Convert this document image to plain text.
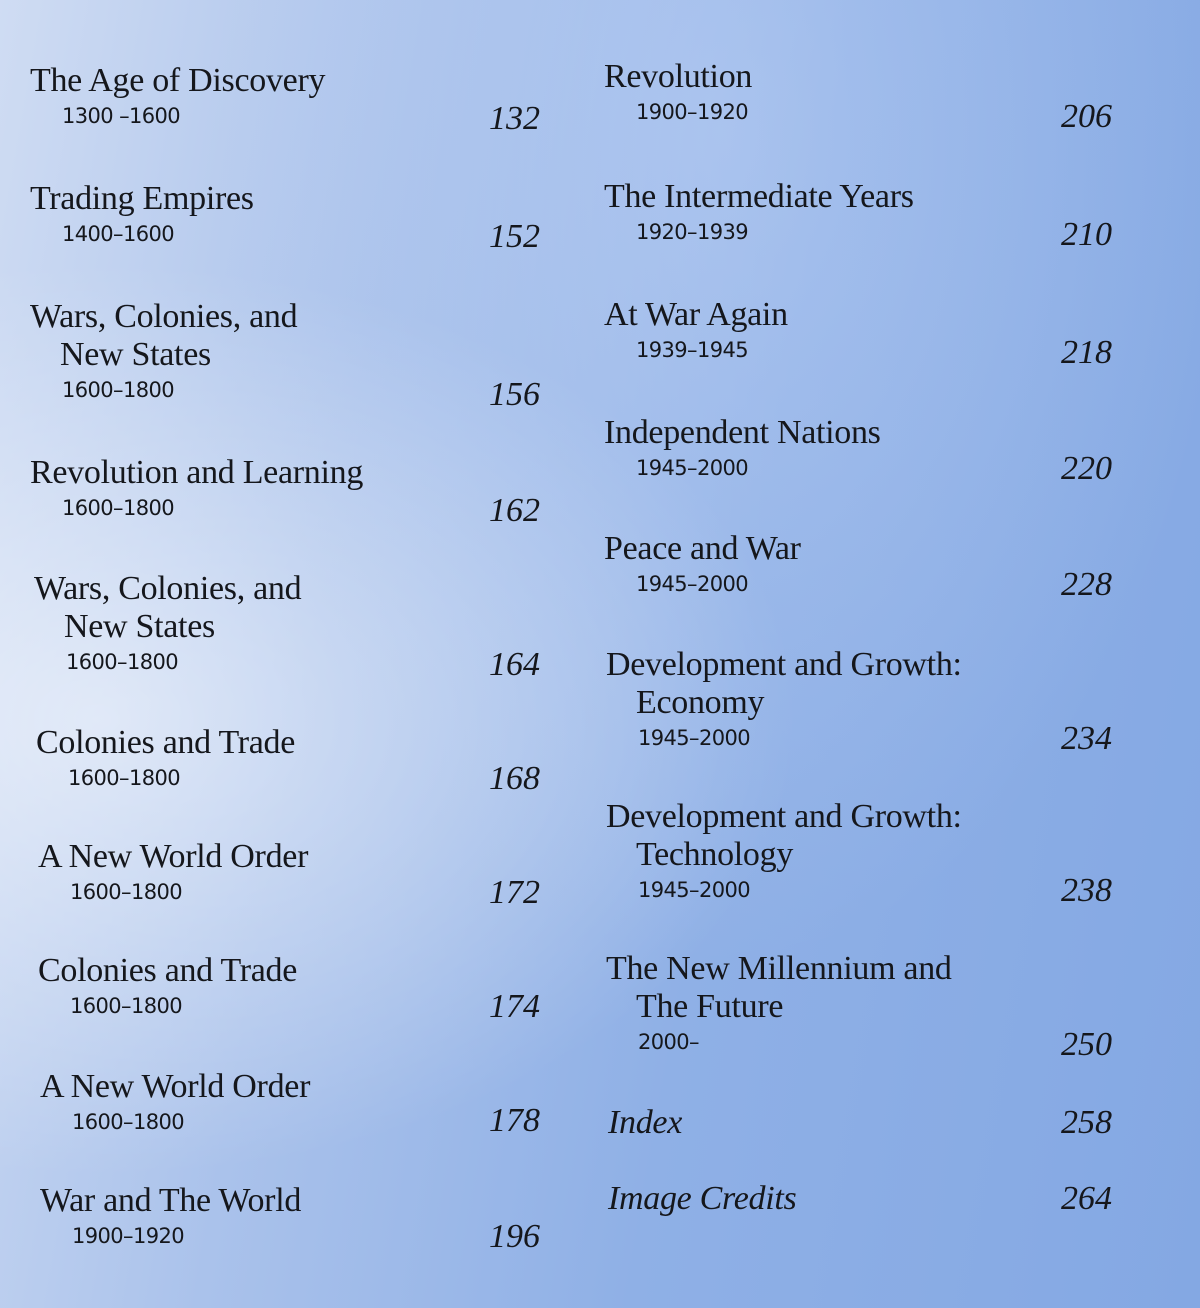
The Age of Discovery
1300 –1600	132
Trading Empires
1400–1600	152
Wars, Colonies, and
New States
1600–1800	156
Revolution and Learning
1600–1800	162
Wars, Colonies, and
New States
1600–1800	164
Colonies and Trade
1600–1800	168
A New World Order
1600–1800	172
Colonies and Trade
1600–1800	174
A New World Order
1600–1800	178
War and The World
1900–1920	196
Revolution
1900–1920	206
The Intermediate Years
1920–1939	210
At War Again
1939–1945	218
Independent Nations
1945–2000	220
Peace and War
1945–2000	228
Development and Growth:
Economy
1945–2000	234
Development and Growth:
Technology
1945–2000	238
The New Millennium and
The Future
2000–	250
Index	258
Image Credits	264
